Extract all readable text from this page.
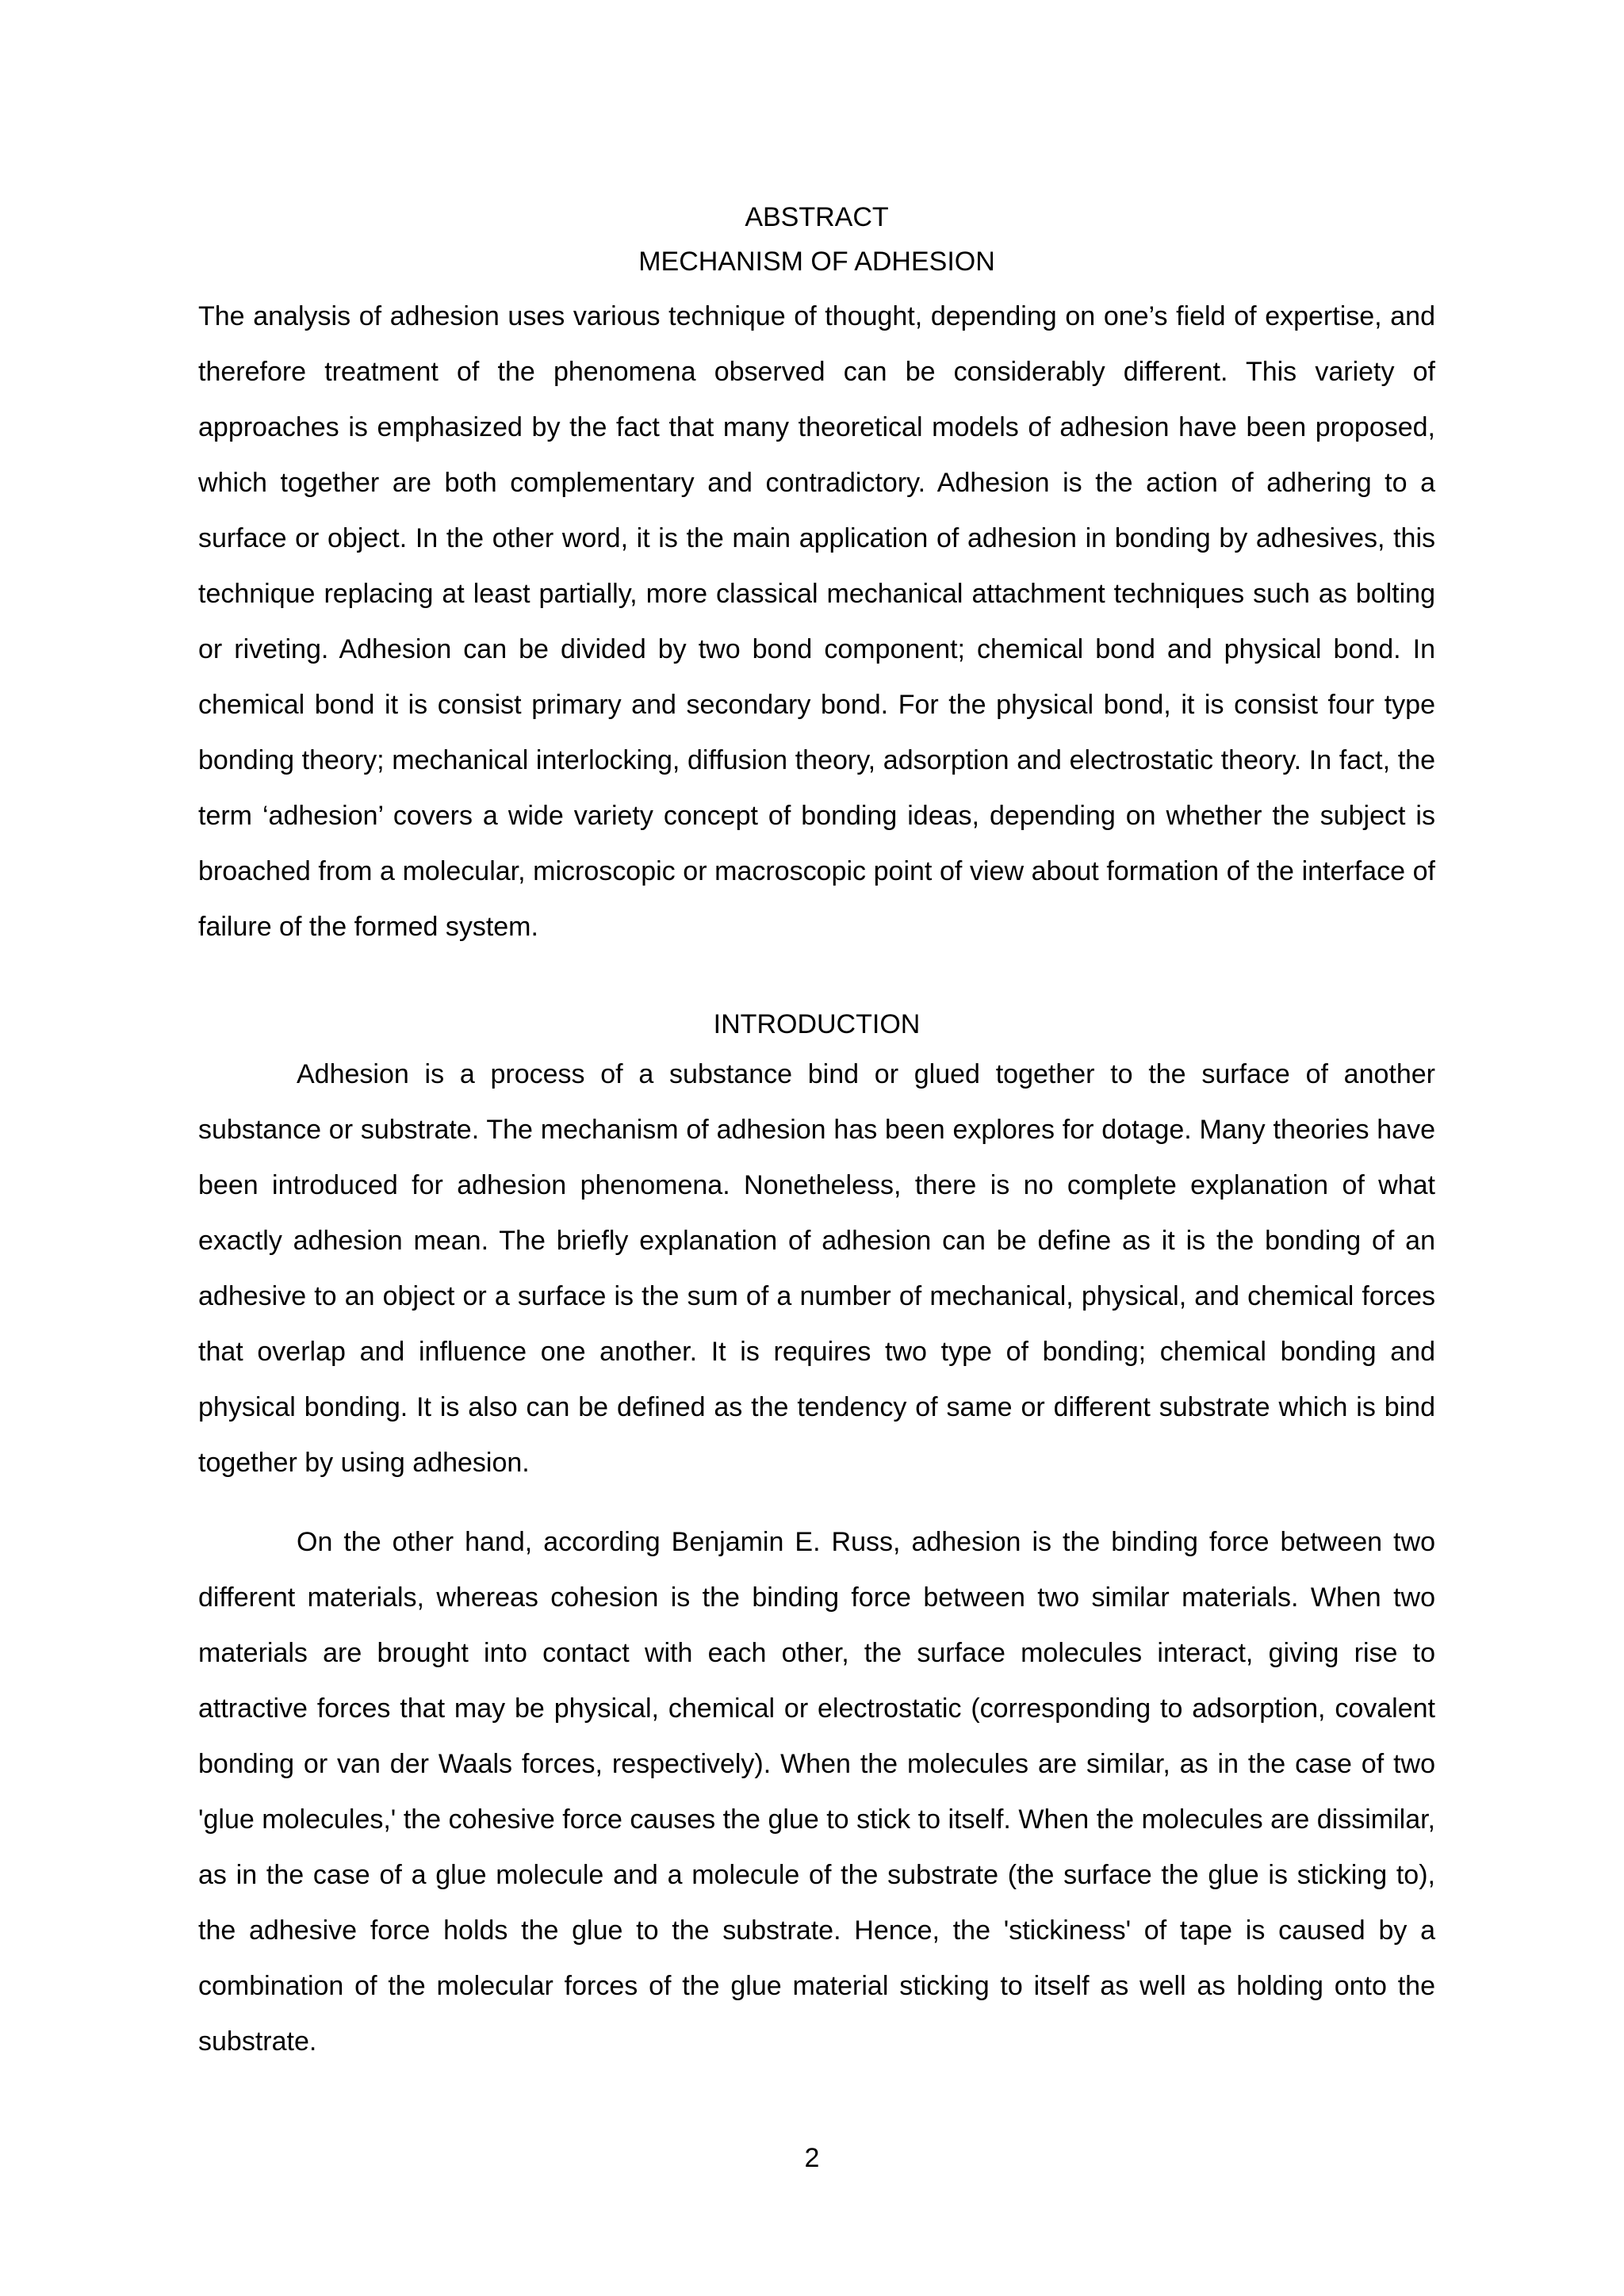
ABSTRACT
MECHANISM OF ADHESION

The analysis of adhesion uses various technique of thought, depending on one’s field of expertise, and therefore treatment of the phenomena observed can be considerably different. This variety of approaches is emphasized by the fact that many theoretical models of adhesion have been proposed, which together are both complementary and contradictory. Adhesion is the action of adhering to a surface or object. In the other word, it is the main application of adhesion in bonding by adhesives, this technique replacing at least partially, more classical mechanical attachment techniques such as bolting or riveting. Adhesion can be divided by two bond component; chemical bond and physical bond. In chemical bond it is consist primary and secondary bond. For the physical bond, it is consist four type bonding theory; mechanical interlocking, diffusion theory, adsorption and electrostatic theory. In fact, the term ‘adhesion’ covers a wide variety concept of bonding ideas, depending on whether the subject is broached from a molecular, microscopic or macroscopic point of view about formation of the interface of failure of the formed system.

INTRODUCTION

Adhesion is a process of a substance bind or glued together to the surface of another substance or substrate. The mechanism of adhesion has been explores for dotage. Many theories have been introduced for adhesion phenomena. Nonetheless, there is no complete explanation of what exactly adhesion mean. The briefly explanation of adhesion can be define as it is the bonding of an adhesive to an object or a surface is the sum of a number of mechanical, physical, and chemical forces that overlap and influence one another. It is requires two type of bonding; chemical bonding and physical bonding. It is also can be defined as the tendency of same or different substrate which is bind together by using adhesion.

On the other hand, according Benjamin E. Russ, adhesion is the binding force between two different materials, whereas cohesion is the binding force between two similar materials. When two materials are brought into contact with each other, the surface molecules interact, giving rise to attractive forces that may be physical, chemical or electrostatic (corresponding to adsorption, covalent bonding or van der Waals forces, respectively). When the molecules are similar, as in the case of two 'glue molecules,' the cohesive force causes the glue to stick to itself. When the molecules are dissimilar, as in the case of a glue molecule and a molecule of the substrate (the surface the glue is sticking to), the adhesive force holds the glue to the substrate. Hence, the 'stickiness' of tape is caused by a combination of the molecular forces of the glue material sticking to itself as well as holding onto the substrate.

2
